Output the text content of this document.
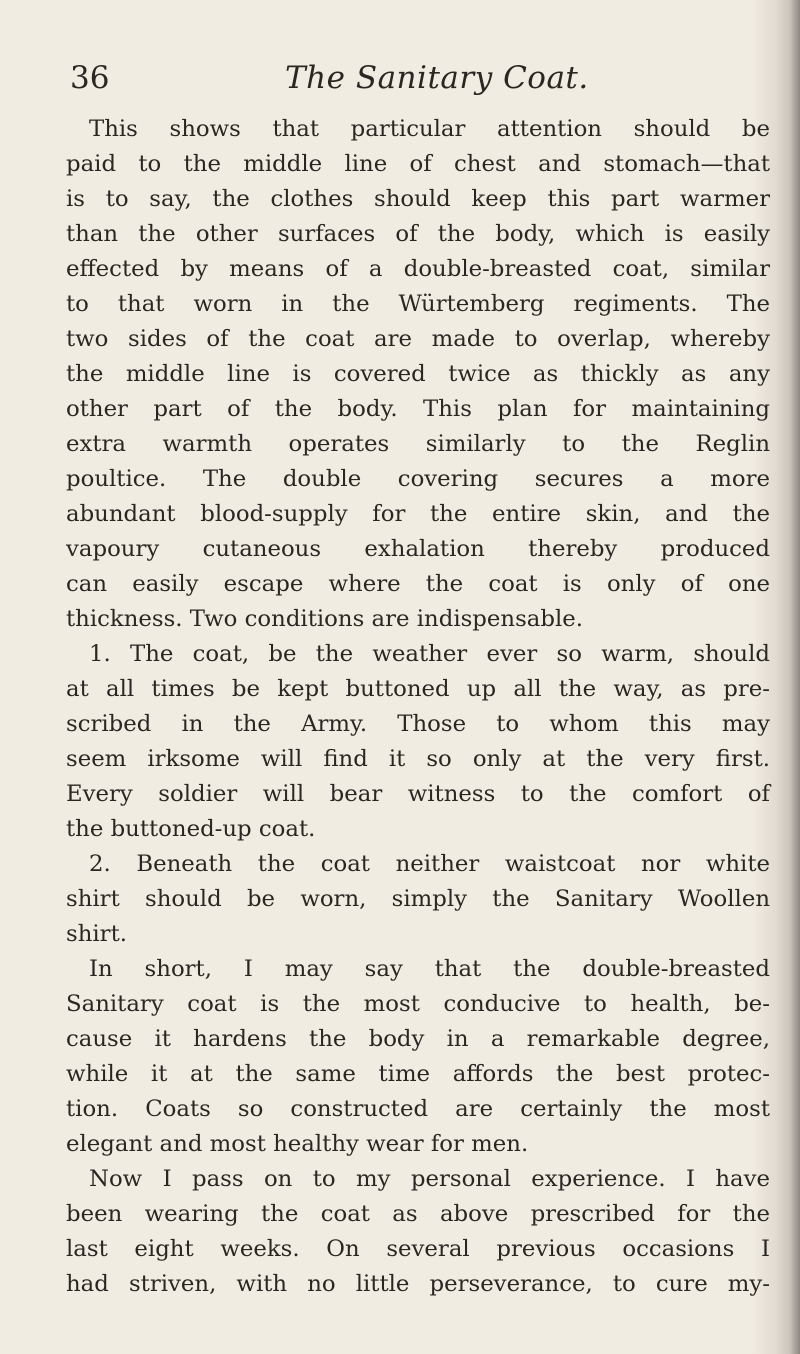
36	The Sanitary Coat.
This shows that particular attention should be
paid to the middle line of chest and stomach—that
is to say, the clothes should keep this part warmer
than the other surfaces of the body, which is easily
effected by means of a double-breasted coat, similar
to that worn in the Würtemberg regiments. The
two sides of the coat are made to overlap, whereby
the middle line is covered twice as thickly as any
other part of the body. This plan for maintaining
extra warmth operates similarly to the Reglin
poultice. The double covering secures a more
abundant blood-supply for the entire skin, and the
vapoury cutaneous exhalation thereby produced
can easily escape where the coat is only of one
thickness. Two conditions are indispensable.
1. The coat, be the weather ever so warm, should
at all times be kept buttoned up all the way, as pre-
scribed in the Army. Those to whom this may
seem irksome will find it so only at the very first.
Every soldier will bear witness to the comfort of
the buttoned-up coat.
2. Beneath the coat neither waistcoat nor white
shirt should be worn, simply the Sanitary Woollen
shirt.
In short, I may say that the double-breasted
Sanitary coat is the most conducive to health, be-
cause it hardens the body in a remarkable degree,
while it at the same time affords the best protec-
tion. Coats so constructed are certainly the most
elegant and most healthy wear for men.
Now I pass on to my personal experience. I have
been wearing the coat as above prescribed for the
last eight weeks. On several previous occasions I
had striven, with no little perseverance, to cure my-
